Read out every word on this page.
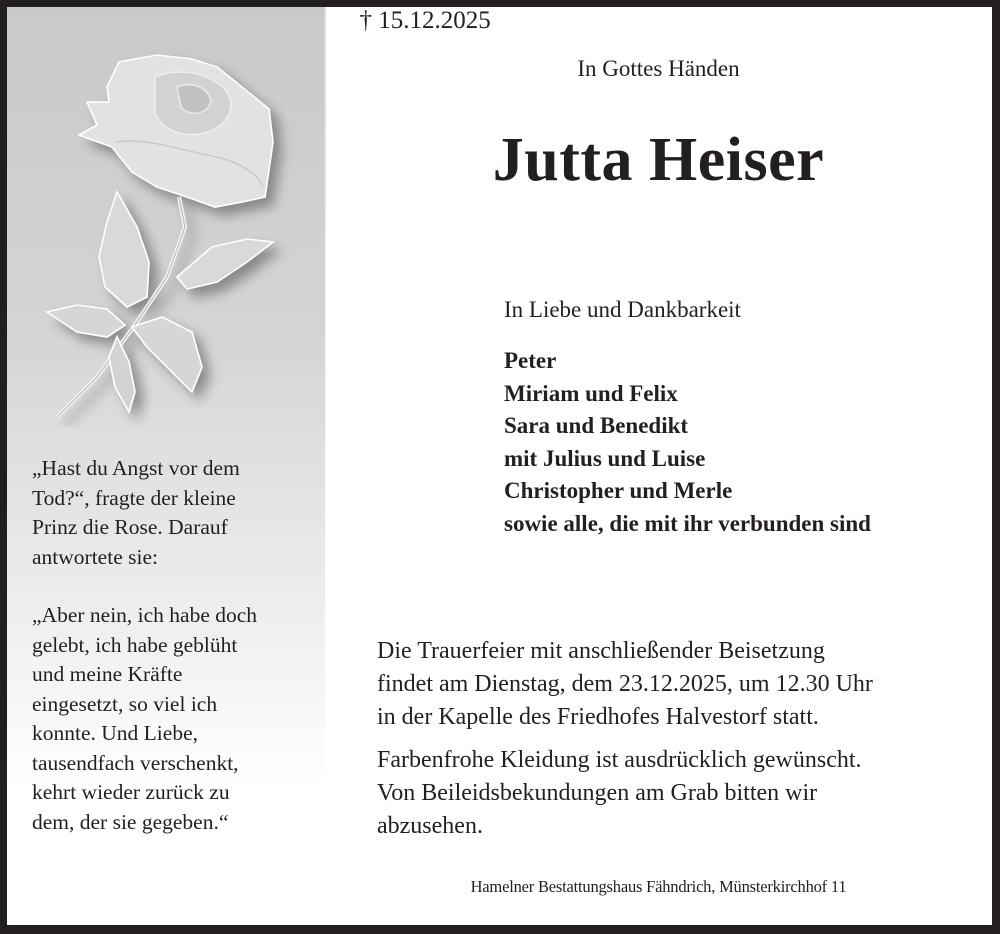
„Hast du Angst vor dem
Tod?“, fragte der kleine
Prinz die Rose. Darauf
antwortete sie:

„Aber nein, ich habe doch
gelebt, ich habe geblüht
und meine Kräfte
eingesetzt, so viel ich
konnte. Und Liebe,
tausendfach verschenkt,
kehrt wieder zurück zu
dem, der sie gegeben.“

In Gottes Händen
Jutta Heiser
† 15.12.2025
In Liebe und Dankbarkeit
Peter
Miriam und Felix
Sara und Benedikt
mit Julius und Luise
Christopher und Merle
sowie alle, die mit ihr verbunden sind

Die Trauerfeier mit anschließender Beisetzung
findet am Dienstag, dem 23.12.2025, um 12.30 Uhr
in der Kapelle des Friedhofes Halvestorf statt.

Farbenfrohe Kleidung ist ausdrücklich gewünscht.
Von Beileidsbekundungen am Grab bitten wir
abzusehen.

Hamelner Bestattungshaus Fähndrich, Münsterkirchhof 11
